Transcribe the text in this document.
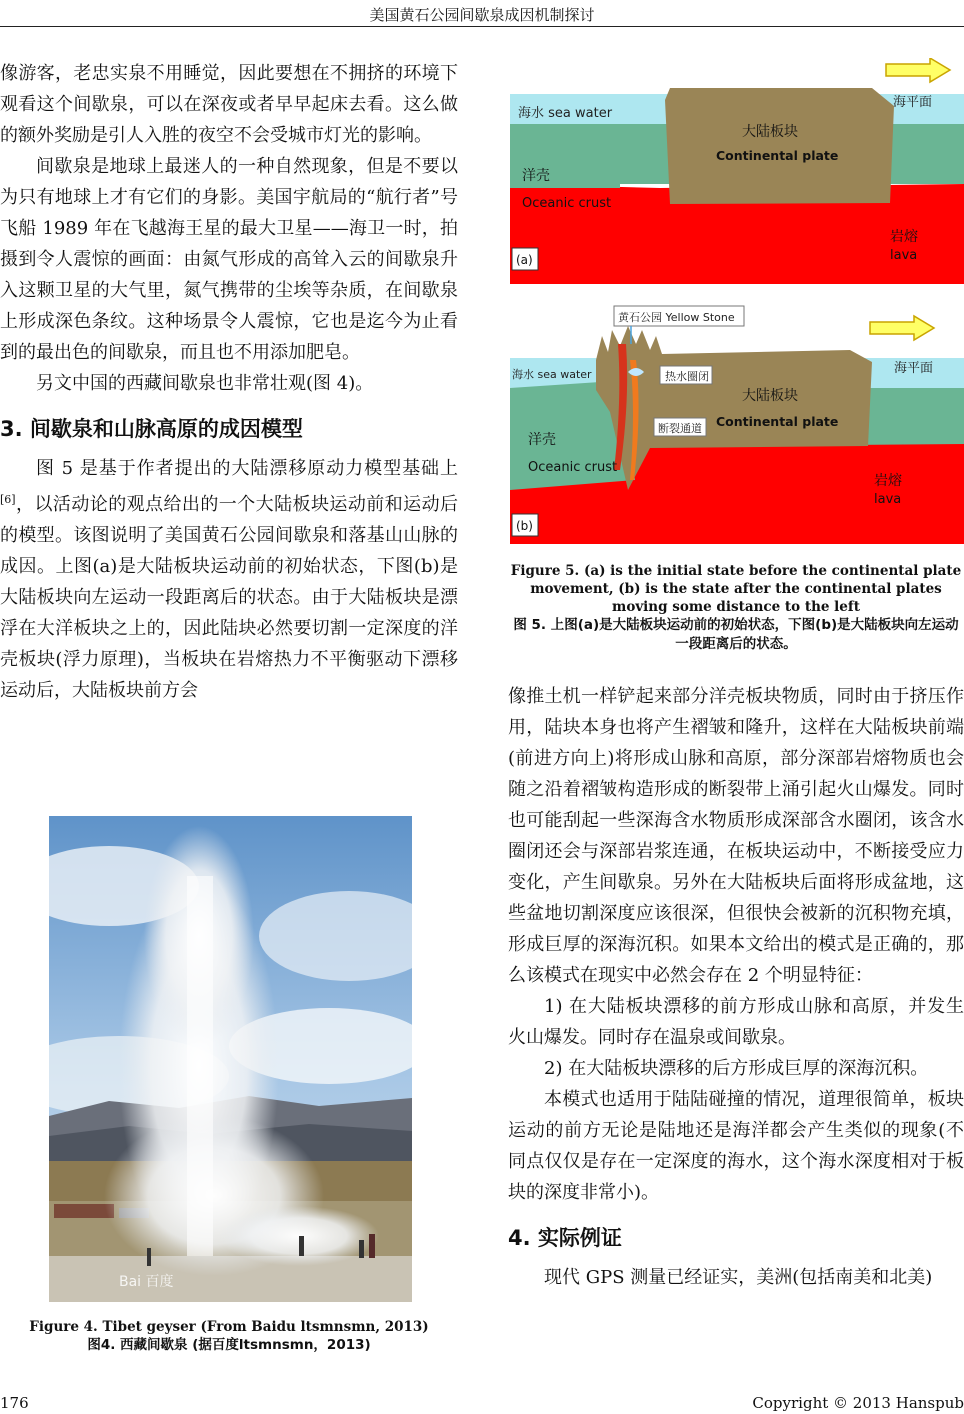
美国黄石公园间歇泉成因机制探讨

像游客，老忠实泉不用睡觉，因此要想在不拥挤的环境下观看这个间歇泉，可以在深夜或者早早起床去看。这么做的额外奖励是引人入胜的夜空不会受城市灯光的影响。

间歇泉是地球上最迷人的一种自然现象，但是不要以为只有地球上才有它们的身影。美国宇航局的“航行者”号飞船 1989 年在飞越海王星的最大卫星——海卫一时，拍摄到令人震惊的画面：由氮气形成的高耸入云的间歇泉升入这颗卫星的大气里，氮气携带的尘埃等杂质，在间歇泉上形成深色条纹。这种场景令人震惊，它也是迄今为止看到的最出色的间歇泉，而且也不用添加肥皂。

另文中国的西藏间歇泉也非常壮观(图 4)。

3. 间歇泉和山脉高原的成因模型

图 5 是基于作者提出的大陆漂移原动力模型基础上[6]，以活动论的观点给出的一个大陆板块运动前和运动后的模型。该图说明了美国黄石公园间歇泉和落基山山脉的成因。上图(a)是大陆板块运动前的初始状态，下图(b)是大陆板块向左运动一段距离后的状态。由于大陆板块是漂浮在大洋板块之上的，因此陆块必然要切割一定深度的洋壳板块(浮力原理)，当板块在岩熔热力不平衡驱动下漂移运动后，大陆板块前方会

Bai 百度

Figure 4. Tibet geyser (From Baidu ltsmnsmn, 2013)

图4. 西藏间歇泉 (据百度ltsmnsmn，2013)

海水 sea water
海平面
大陆板块
Continental plate
洋壳
Oceanic crust
岩熔
lava
(a)
黄石公园 Yellow Stone
海水 sea water	热水圈闭
断裂通道
海平面
大陆板块
Continental plate
洋壳
Oceanic crust
岩熔
lava
(b)

Figure 5. (a) is the initial state before the continental plate movement, (b) is the state after the continental plates moving some distance to the left

图 5. 上图(a)是大陆板块运动前的初始状态，下图(b)是大陆板块向左运动一段距离后的状态。

像推土机一样铲起来部分洋壳板块物质，同时由于挤压作用，陆块本身也将产生褶皱和隆升，这样在大陆板块前端(前进方向上)将形成山脉和高原，部分深部岩熔物质也会随之沿着褶皱构造形成的断裂带上涌引起火山爆发。同时也可能刮起一些深海含水物质形成深部含水圈闭，该含水圈闭还会与深部岩浆连通，在板块运动中，不断接受应力变化，产生间歇泉。另外在大陆板块后面将形成盆地，这些盆地切割深度应该很深，但很快会被新的沉积物充填，形成巨厚的深海沉积。如果本文给出的模式是正确的，那么该模式在现实中必然会存在 2 个明显特征：

1) 在大陆板块漂移的前方形成山脉和高原，并发生火山爆发。同时存在温泉或间歇泉。

2) 在大陆板块漂移的后方形成巨厚的深海沉积。

本模式也适用于陆陆碰撞的情况，道理很简单，板块运动的前方无论是陆地还是海洋都会产生类似的现象(不同点仅仅是存在一定深度的海水，这个海水深度相对于板块的深度非常小)。

4. 实际例证

现代 GPS 测量已经证实，美洲(包括南美和北美)

176	Copyright © 2013 Hanspub
